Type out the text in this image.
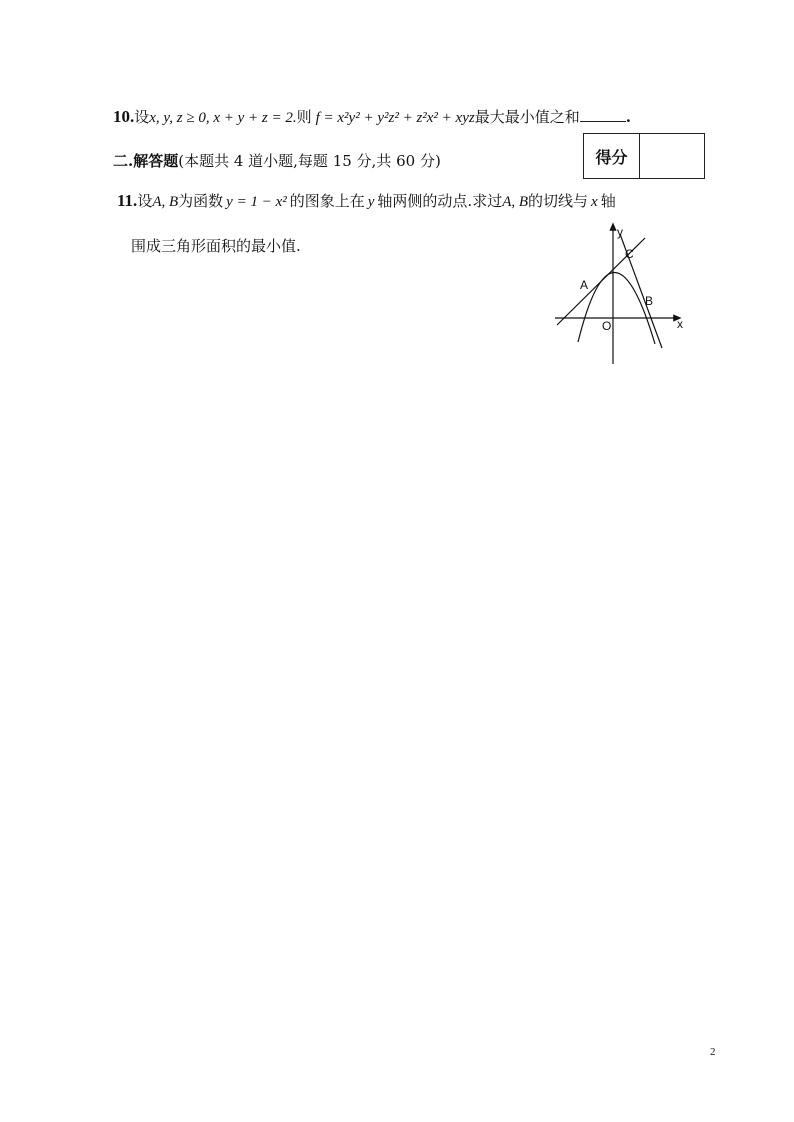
10.设x, y, z ≥ 0, x + y + z = 2.则 f = x²y² + y²z² + z²x² + xyz最大最小值之和	.
二.解答题(本题共 4 道小题,每题 15 分,共 60 分)	得分
11.设A, B为函数 y = 1 − x² 的图象上在 y 轴两侧的动点.求过A, B的切线与 x 轴
围成三角形面积的最小值.
y
C
A
B
O	x
2
